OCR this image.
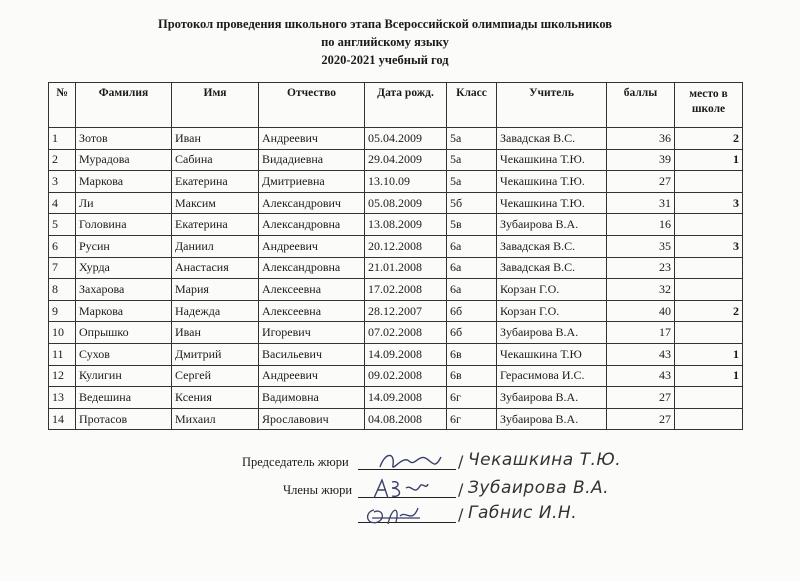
Протокол проведения школьного этапа Всероссийской олимпиады школьников
по английскому языку
2020-2021 учебный год
№	Фамилия	Имя	Отчество	Дата рожд.	Класс	Учитель	баллы	место в
школе

1	Зотов	Иван	Андреевич	05.04.2009	5а	Завадская В.С.	36	2
2	Мурадова	Сабина	Видадиевна	29.04.2009	5а	Чекашкина Т.Ю.	39	1
3	Маркова	Екатерина	Дмитриевна	13.10.09	5а	Чекашкина Т.Ю.	27	
4	Ли	Максим	Александрович	05.08.2009	5б	Чекашкина Т.Ю.	31	3
5	Головина	Екатерина	Александровна	13.08.2009	5в	Зубаирова В.А.	16	
6	Русин	Даниил	Андреевич	20.12.2008	6а	Завадская В.С.	35	3
7	Хурда	Анастасия	Александровна	21.01.2008	6а	Завадская В.С.	23	
8	Захарова	Мария	Алексеевна	17.02.2008	6а	Корзан Г.О.	32	
9	Маркова	Надежда	Алексеевна	28.12.2007	6б	Корзан Г.О.	40	2
10	Опрышко	Иван	Игоревич	07.02.2008	6б	Зубаирова В.А.	17	
11	Сухов	Дмитрий	Васильевич	14.09.2008	6в	Чекашкина Т.Ю	43	1
12	Кулигин	Сергей	Андреевич	09.02.2008	6в	Герасимова И.С.	43	1
13	Ведешина	Ксения	Вадимовна	14.09.2008	6г	Зубаирова В.А.	27	
14	Протасов	Михаил	Ярославович	04.08.2008	6г	Зубаирова В.А.	27	
Председатель жюри	/ Чекашкина Т.Ю.
Члены жюри	/ Зубаирова В.А.
/ Габнис И.Н.
